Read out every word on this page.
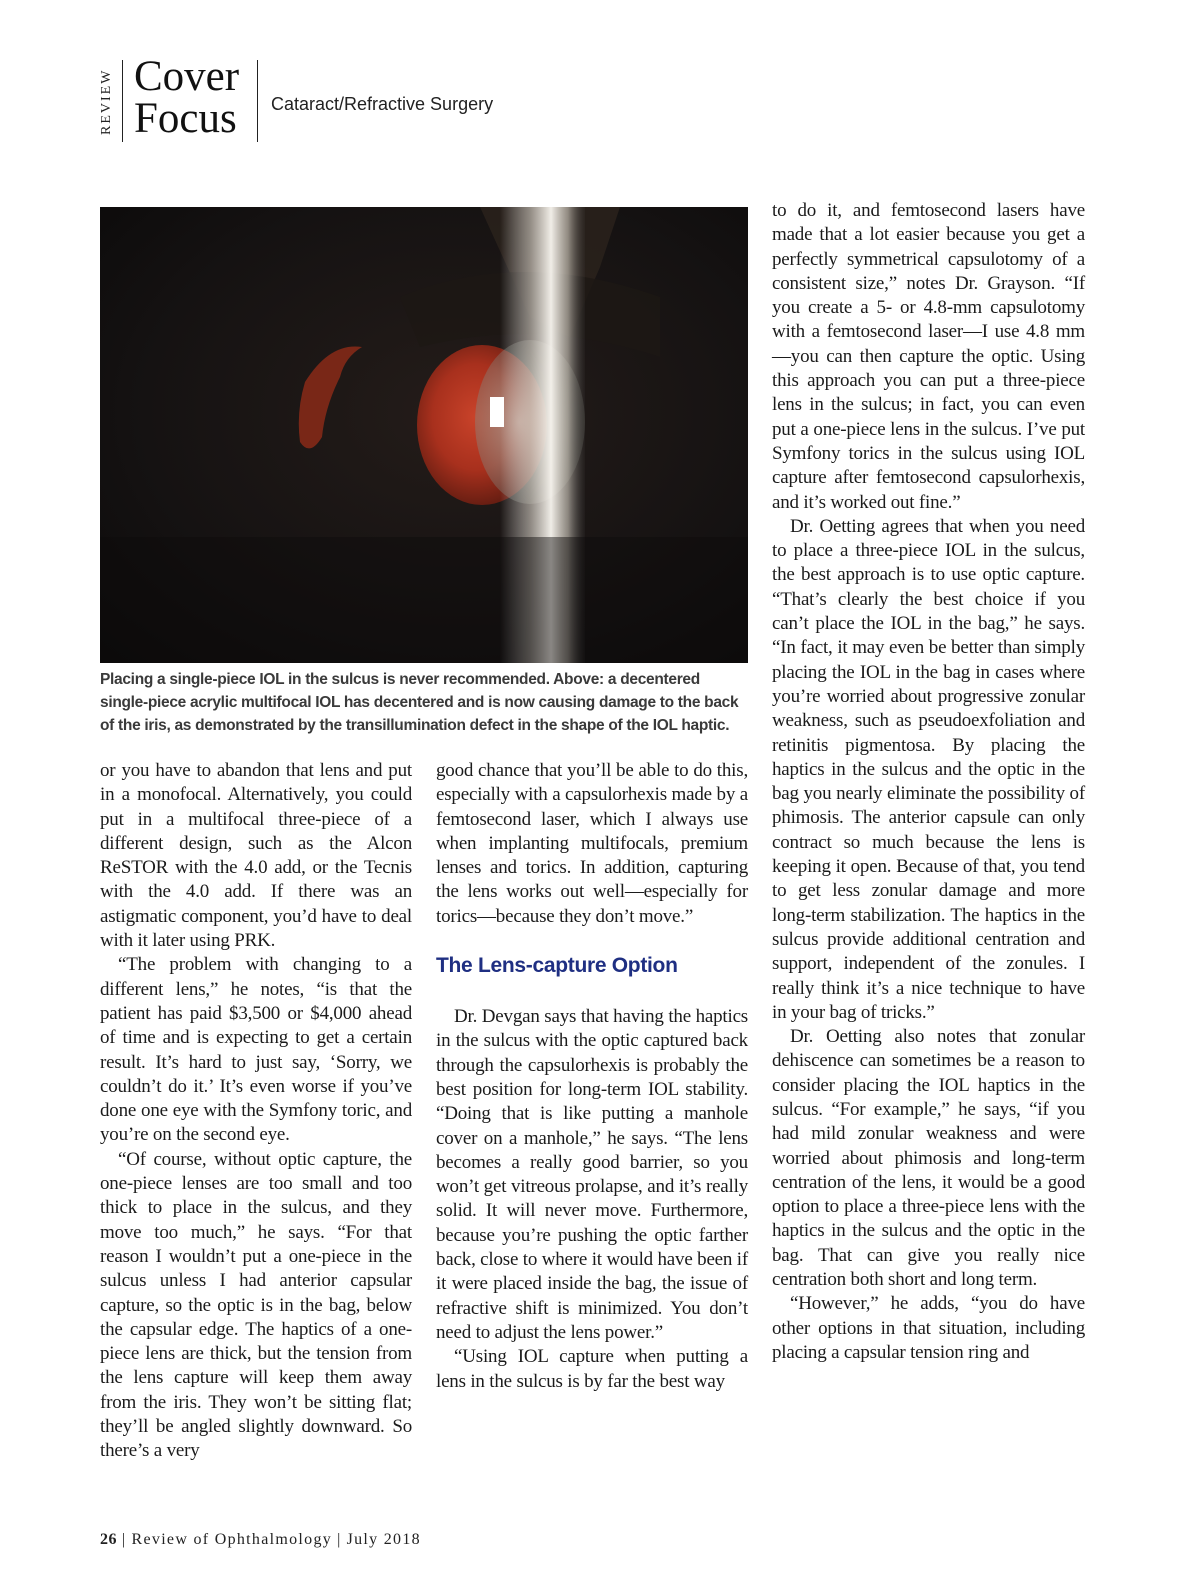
REVIEW Cover
Focus Cataract/Refractive Surgery
Placing a single-piece IOL in the sulcus is never recommended. Above: a decentered single-piece acrylic multifocal IOL has decentered and is now causing damage to the back of the iris, as demonstrated by the transillumination defect in the shape of the IOL haptic.

or you have to abandon that lens and put in a monofocal. Alternatively, you could put in a multifocal three-piece of a different design, such as the Alcon ReSTOR with the 4.0 add, or the Tecnis with the 4.0 add. If there was an astigmatic component, you’d have to deal with it later using PRK.

“The problem with changing to a different lens,” he notes, “is that the patient has paid $3,500 or $4,000 ahead of time and is expecting to get a certain result. It’s hard to just say, ‘Sorry, we couldn’t do it.’ It’s even worse if you’ve done one eye with the Symfony toric, and you’re on the second eye.

“Of course, without optic capture, the one-piece lenses are too small and too thick to place in the sulcus, and they move too much,” he says. “For that reason I wouldn’t put a one-piece in the sulcus unless I had anterior capsular capture, so the optic is in the bag, below the capsular edge. The haptics of a one-piece lens are thick, but the tension from the lens capture will keep them away from the iris. They won’t be sitting flat; they’ll be angled slightly downward. So there’s a very

good chance that you’ll be able to do this, especially with a capsulorhexis made by a femtosecond laser, which I always use when implanting multifocals, premium lenses and torics. In addition, capturing the lens works out well—especially for torics—because they don’t move.”

The Lens-capture Option

Dr. Devgan says that having the haptics in the sulcus with the optic captured back through the capsulorhexis is probably the best position for long-term IOL stability. “Doing that is like putting a manhole cover on a manhole,” he says. “The lens becomes a really good barrier, so you won’t get vitreous prolapse, and it’s really solid. It will never move. Furthermore, because you’re pushing the optic farther back, close to where it would have been if it were placed inside the bag, the issue of refractive shift is minimized. You don’t need to adjust the lens power.”

“Using IOL capture when putting a lens in the sulcus is by far the best way

to do it, and femtosecond lasers have made that a lot easier because you get a perfectly symmetrical capsulotomy of a consistent size,” notes Dr. Grayson. “If you create a 5- or 4.8-mm capsulotomy with a femtosecond laser—I use 4.8 mm—you can then capture the optic. Using this approach you can put a three-piece lens in the sulcus; in fact, you can even put a one-piece lens in the sulcus. I’ve put Symfony torics in the sulcus using IOL capture after femtosecond capsulorhexis, and it’s worked out fine.”

Dr. Oetting agrees that when you need to place a three-piece IOL in the sulcus, the best approach is to use optic capture. “That’s clearly the best choice if you can’t place the IOL in the bag,” he says. “In fact, it may even be better than simply placing the IOL in the bag in cases where you’re worried about progressive zonular weakness, such as pseudoexfoliation and retinitis pigmentosa. By placing the haptics in the sulcus and the optic in the bag you nearly eliminate the possibility of phimosis. The anterior capsule can only contract so much because the lens is keeping it open. Because of that, you tend to get less zonular damage and more long-term stabilization. The haptics in the sulcus provide additional centration and support, independent of the zonules. I really think it’s a nice technique to have in your bag of tricks.”

Dr. Oetting also notes that zonular dehiscence can sometimes be a reason to consider placing the IOL haptics in the sulcus. “For example,” he says, “if you had mild zonular weakness and were worried about phimosis and long-term centration of the lens, it would be a good option to place a three-piece lens with the haptics in the sulcus and the optic in the bag. That can give you really nice centration both short and long term.

“However,” he adds, “you do have other options in that situation, including placing a capsular tension ring and

26 | Review of Ophthalmology | July 2018
